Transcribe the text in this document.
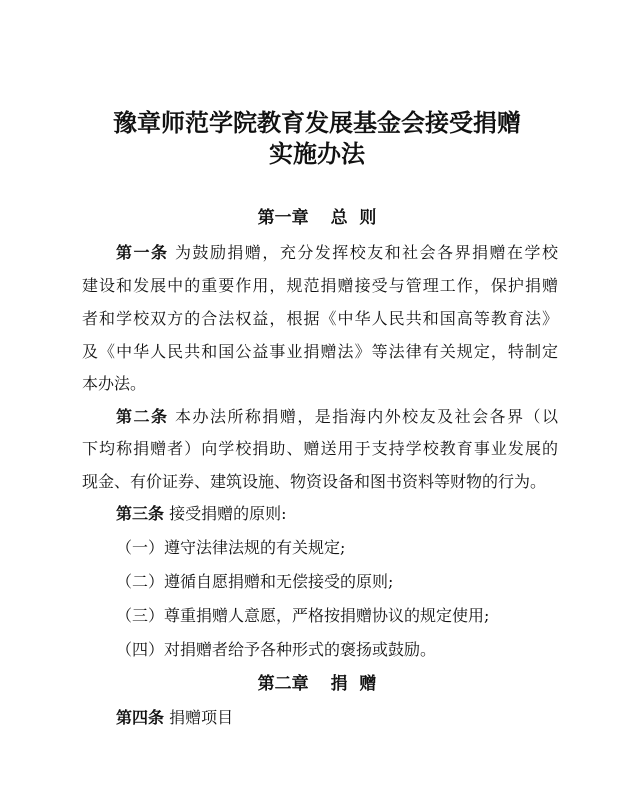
豫章师范学院教育发展基金会接受捐赠
实施办法
第一章 总  则
第一条 为鼓励捐赠，充分发挥校友和社会各界捐赠在学校
建设和发展中的重要作用，规范捐赠接受与管理工作，保护捐赠
者和学校双方的合法权益，根据《中华人民共和国高等教育法》
及《中华人民共和国公益事业捐赠法》等法律有关规定，特制定
本办法。
第二条 本办法所称捐赠，是指海内外校友及社会各界（以
下均称捐赠者）向学校捐助、赠送用于支持学校教育事业发展的
现金、有价证券、建筑设施、物资设备和图书资料等财物的行为。
第三条 接受捐赠的原则:
（一）遵守法律法规的有关规定;
（二）遵循自愿捐赠和无偿接受的原则;
（三）尊重捐赠人意愿，严格按捐赠协议的规定使用;
（四）对捐赠者给予各种形式的褒扬或鼓励。
第二章 捐  赠
第四条 捐赠项目
